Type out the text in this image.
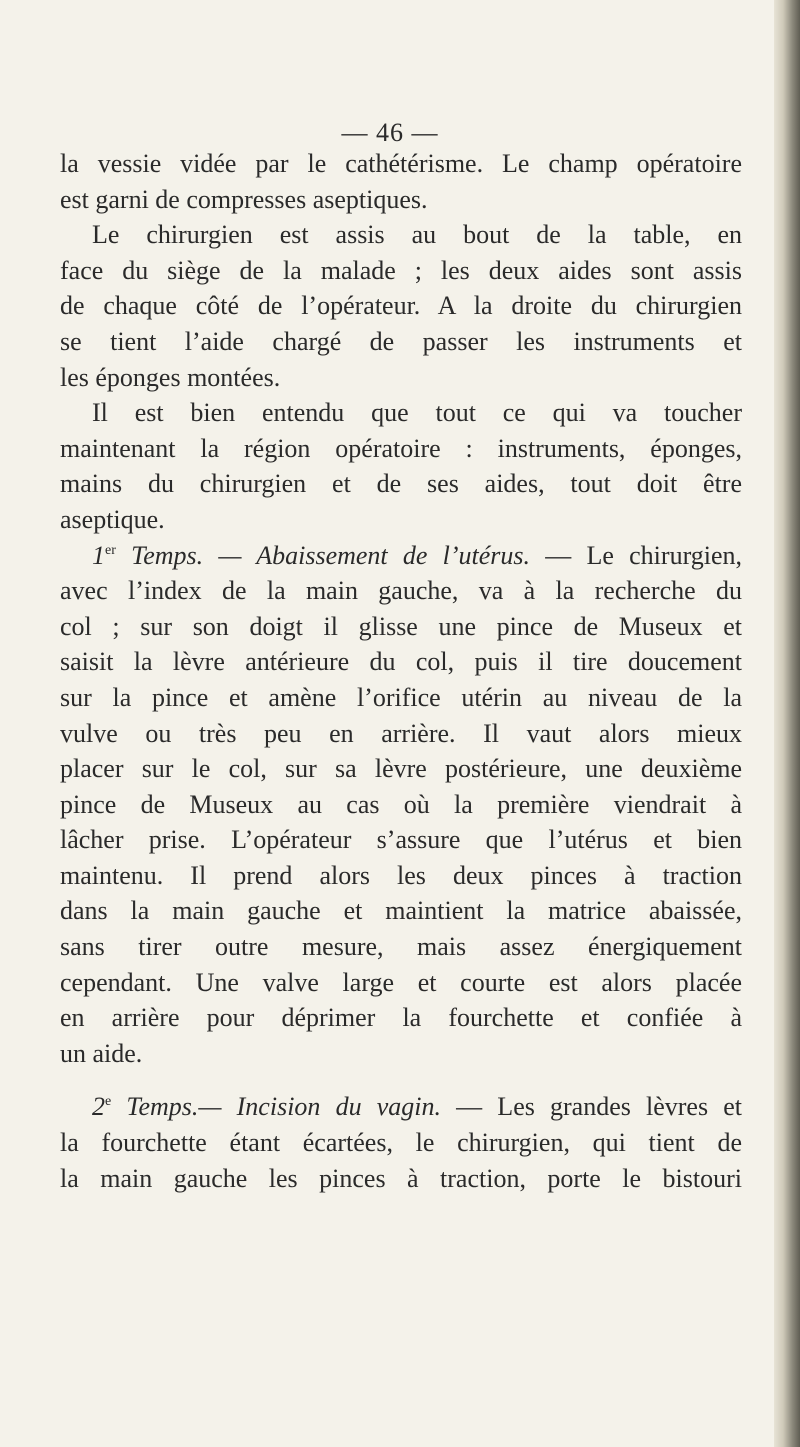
— 46 —
la vessie vidée par le cathétérisme. Le champ opératoire
est garni de compresses aseptiques.
Le chirurgien est assis au bout de la table, en
face du siège de la malade ; les deux aides sont assis
de chaque côté de l’opérateur. A la droite du chirurgien
se tient l’aide chargé de passer les instruments et
les éponges montées.
Il est bien entendu que tout ce qui va toucher
maintenant la région opératoire : instruments, éponges,
mains du chirurgien et de ses aides, tout doit être
aseptique.
1er Temps. — Abaissement de l’utérus. — Le chirurgien,
avec l’index de la main gauche, va à la recherche du
col ; sur son doigt il glisse une pince de Museux et
saisit la lèvre antérieure du col, puis il tire doucement
sur la pince et amène l’orifice utérin au niveau de la
vulve ou très peu en arrière. Il vaut alors mieux
placer sur le col, sur sa lèvre postérieure, une deuxième
pince de Museux au cas où la première viendrait à
lâcher prise. L’opérateur s’assure que l’utérus et bien
maintenu. Il prend alors les deux pinces à traction
dans la main gauche et maintient la matrice abaissée,
sans tirer outre mesure, mais assez énergiquement
cependant. Une valve large et courte est alors placée
en arrière pour déprimer la fourchette et confiée à
un aide.
2e Temps.— Incision du vagin. — Les grandes lèvres et
la fourchette étant écartées, le chirurgien, qui tient de
la main gauche les pinces à traction, porte le bistouri
